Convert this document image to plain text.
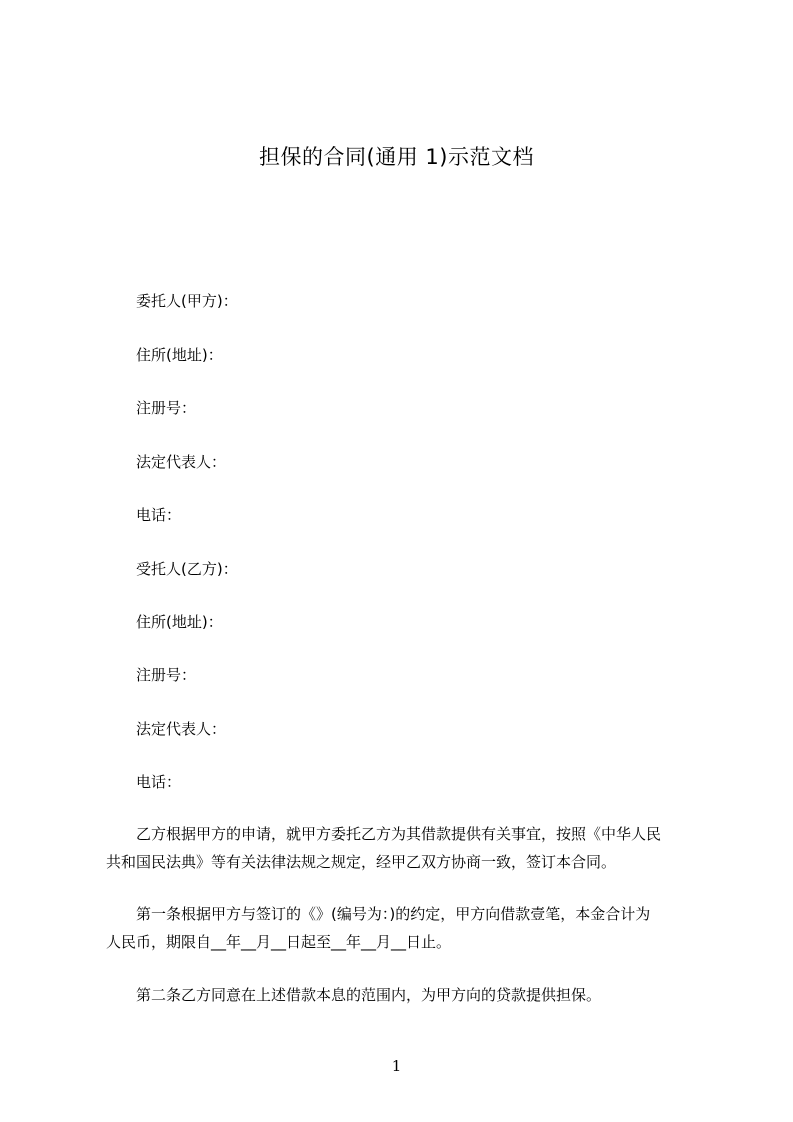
担保的合同(通用 1)示范文档
委托人(甲方)：
住所(地址)：
注册号：
法定代表人：
电话：
受托人(乙方)：
住所(地址)：
注册号：
法定代表人：
电话：
乙方根据甲方的申请，就甲方委托乙方为其借款提供有关事宜，按照《中华人民
共和国民法典》等有关法律法规之规定，经甲乙双方协商一致，签订本合同。
第一条根据甲方与签订的《》(编号为：)的约定，甲方向借款壹笔，本金合计为
人民币，期限自__年__月__日起至__年__月__日止。
第二条乙方同意在上述借款本息的范围内，为甲方向的贷款提供担保。
1
